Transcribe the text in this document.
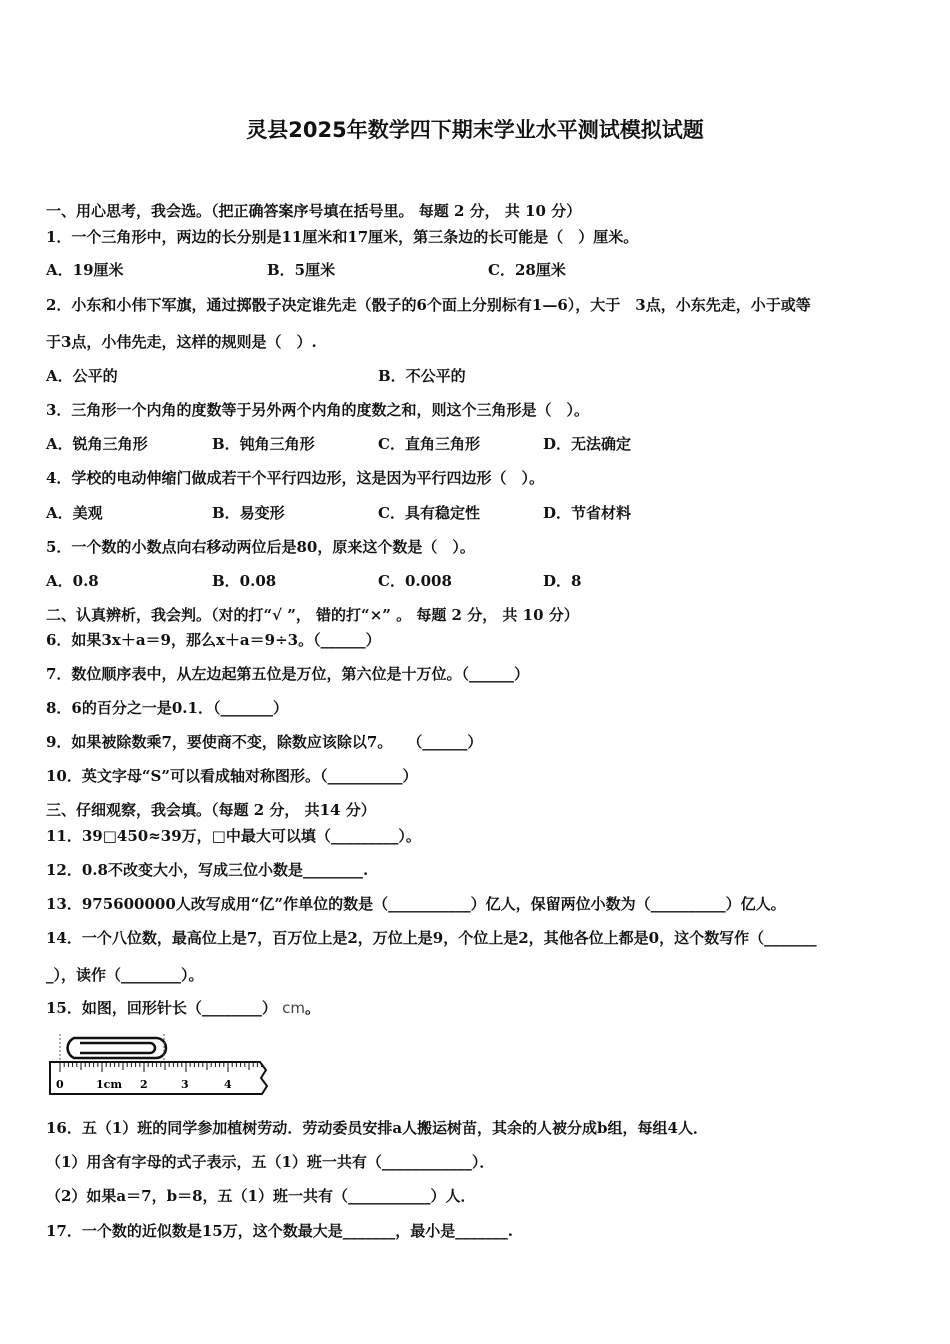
灵县2025年数学四下期末学业水平测试模拟试题
一、用心思考，我会选。（把正确答案序号填在括号里。 每题 2 分， 共 10 分）
1．一个三角形中，两边的长分别是11厘米和17厘米，第三条边的长可能是（　）厘米。
A．19厘米	B．5厘米	C．28厘米
2．小东和小伟下军旗，通过掷骰子决定谁先走（骰子的6个面上分别标有1—6），大于　3点，小东先走，小于或等
于3点，小伟先走，这样的规则是（　）.
A．公平的	B．不公平的
3．三角形一个内角的度数等于另外两个内角的度数之和，则这个三角形是（　）。
A．锐角三角形	B．钝角三角形	C．直角三角形	D．无法确定
4．学校的电动伸缩门做成若干个平行四边形，这是因为平行四边形（　）。
A．美观	B．易变形	C．具有稳定性	D．节省材料
5．一个数的小数点向右移动两位后是80，原来这个数是（　）。
A．0.8	B．0.08	C．0.008	D．8
二、认真辨析，我会判。（对的打“√ ”， 错的打“×” 。 每题 2 分， 共 10 分）
6．如果3x＋a＝9，那么x＋a＝9÷3。（______）
7．数位顺序表中，从左边起第五位是万位，第六位是十万位。（______）
8．6的百分之一是0.1．（_______）
9．如果被除数乘7，要使商不变，除数应该除以7。　　（______）
10．英文字母“S”可以看成轴对称图形。（__________）
三、仔细观察，我会填。（每题 2 分， 共14 分）
11．39□450≈39万，□中最大可以填（_________）。
12．0.8不改变大小，写成三位小数是________.
13．975600000人改写成用“亿”作单位的数是（___________）亿人，保留两位小数为（__________）亿人。
14．一个八位数，最高位上是7，百万位上是2，万位上是9，个位上是2，其他各位上都是0，这个数写作（_______
_），读作（________）。
15．如图，回形针长（________） cm。
0	1cm 2	3	4
16．五（1）班的同学参加植树劳动．劳动委员安排a人搬运树苗，其余的人被分成b组，每组4人．
（1）用含有字母的式子表示，五（1）班一共有（____________）．
（2）如果a＝7，b＝8，五（1）班一共有（___________）人．
17．一个数的近似数是15万，这个数最大是_______，最小是_______.
